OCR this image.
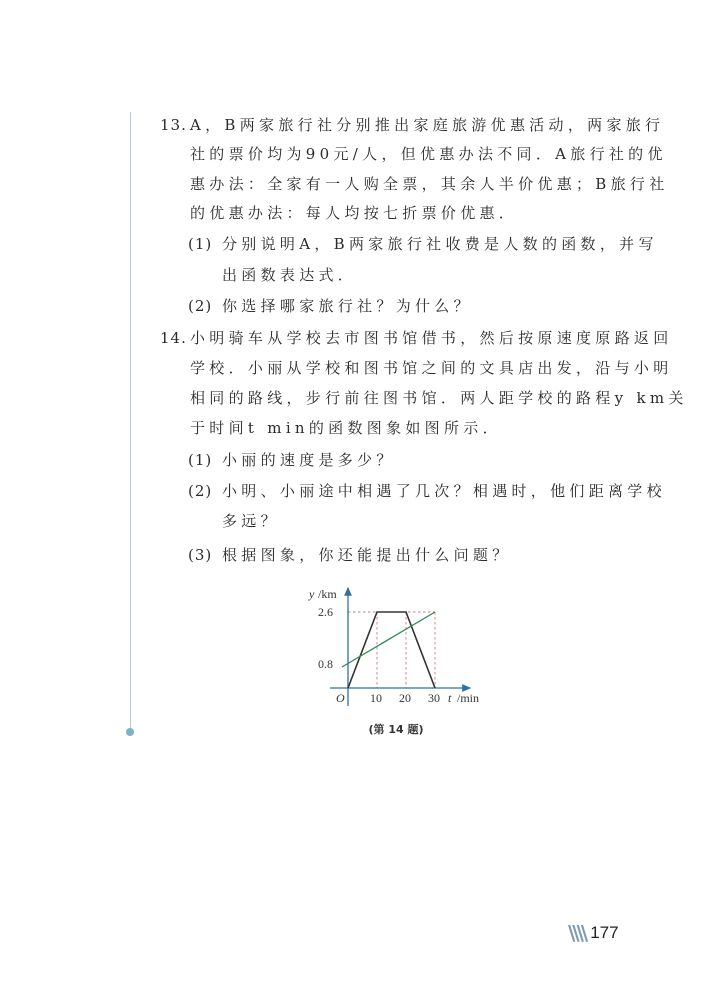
13. A，B两家旅行社分别推出家庭旅游优惠活动，两家旅行
社的票价均为90元/人，但优惠办法不同．A旅行社的优
惠办法：全家有一人购全票，其余人半价优惠；B旅行社
的优惠办法：每人均按七折票价优惠．
(1) 分别说明A，B两家旅行社收费是人数的函数，并写
出函数表达式．
(2) 你选择哪家旅行社？为什么？
14. 小明骑车从学校去市图书馆借书，然后按原速度原路返回
学校．小丽从学校和图书馆之间的文具店出发，沿与小明
相同的路线，步行前往图书馆．两人距学校的路程y km关
于时间t min的函数图象如图所示．
(1) 小丽的速度是多少？
(2) 小明、小丽途中相遇了几次？相遇时，他们距离学校
多远？
(3) 根据图象，你还能提出什么问题？
y /km
2.6
0.8
O 10 20 30 t /min
(第 14 题)
\\\\ 177
